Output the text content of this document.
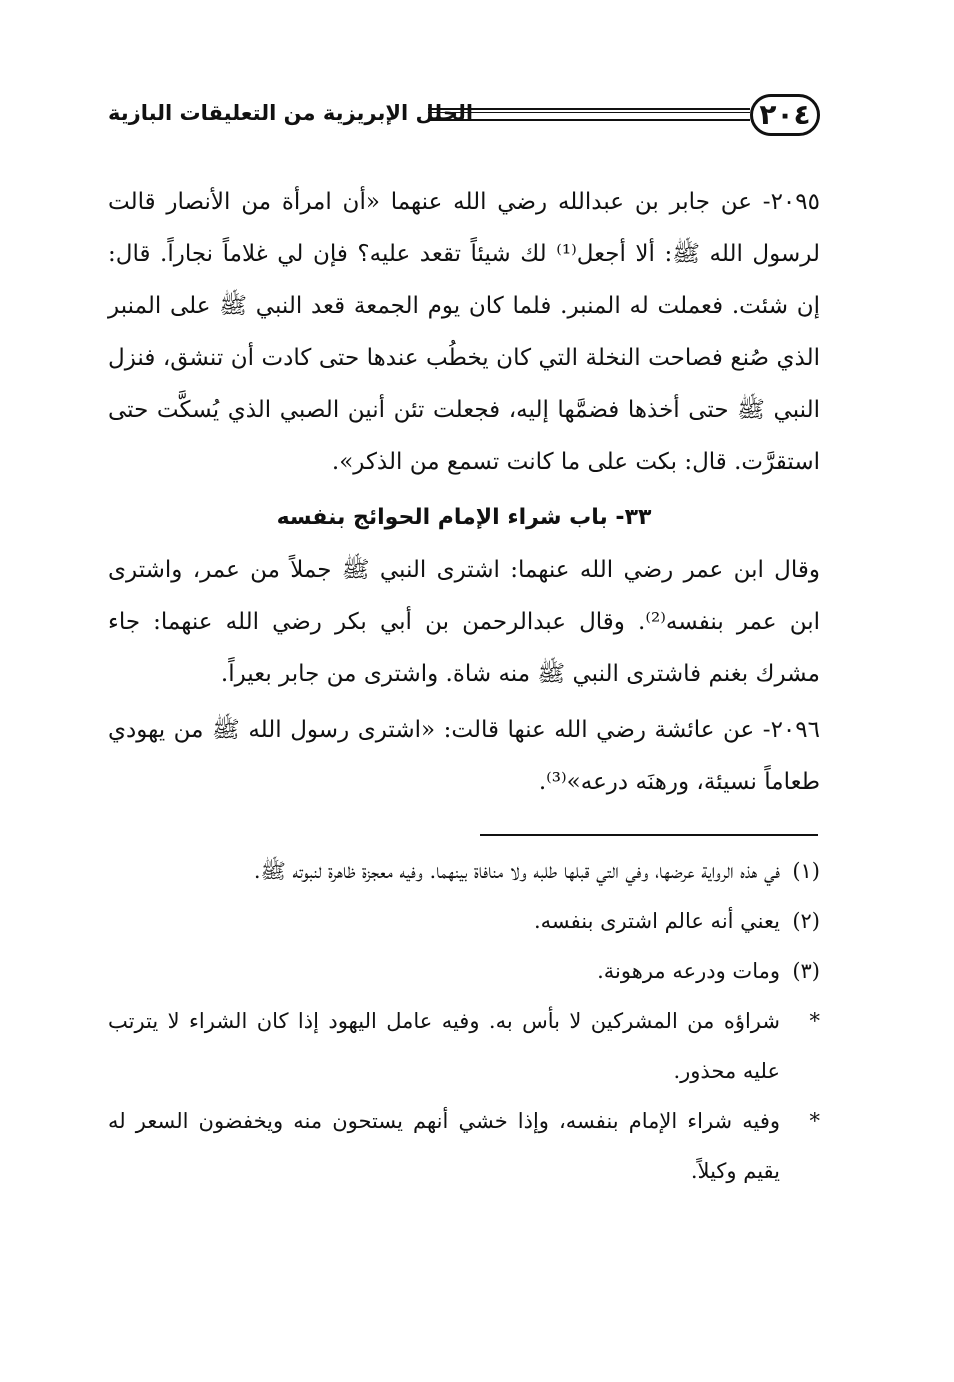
٢٠٤
الحلل الإبريزية من التعليقات البازية

٢٠٩٥- عن جابر بن عبدالله رضي الله عنهما «أن امرأة من الأنصار قالت لرسول الله ﷺ: ألا أجعل⁽¹⁾ لك شيئاً تقعد عليه؟ فإن لي غلاماً نجاراً. قال: إن شئت. فعملت له المنبر. فلما كان يوم الجمعة قعد النبي ﷺ على المنبر الذي صُنع فصاحت النخلة التي كان يخطُب عندها حتى كادت أن تنشق، فنزل النبي ﷺ حتى أخذها فضمَّها إليه، فجعلت تئن أنين الصبي الذي يُسكَّت حتى استقرَّت. قال: بكت على ما كانت تسمع من الذكر».

٣٣- باب شراء الإمام الحوائج بنفسه

وقال ابن عمر رضي الله عنهما: اشترى النبي ﷺ جملاً من عمر، واشترى ابن عمر بنفسه⁽²⁾. وقال عبدالرحمن بن أبي بكر رضي الله عنهما: جاء مشرك بغنم فاشترى النبي ﷺ منه شاة. واشترى من جابر بعيراً.

٢٠٩٦- عن عائشة رضي الله عنها قالت: «اشترى رسول الله ﷺ من يهودي طعاماً نسيئة، ورهنَه درعه»⁽³⁾.

(١)في هذه الرواية عرضها، وفي التي قبلها طلبه ولا منافاة بينهما. وفيه معجزة ظاهرة لنبوته ﷺ.

(٢)يعني أنه عالم اشترى بنفسه.

(٣)ومات ودرعه مرهونة.

*شراؤه من المشركين لا بأس به. وفيه عامل اليهود إذا كان الشراء لا يترتب عليه محذور.

*وفيه شراء الإمام بنفسه، وإذا خشي أنهم يستحون منه ويخفضون السعر له يقيم وكيلاً.
